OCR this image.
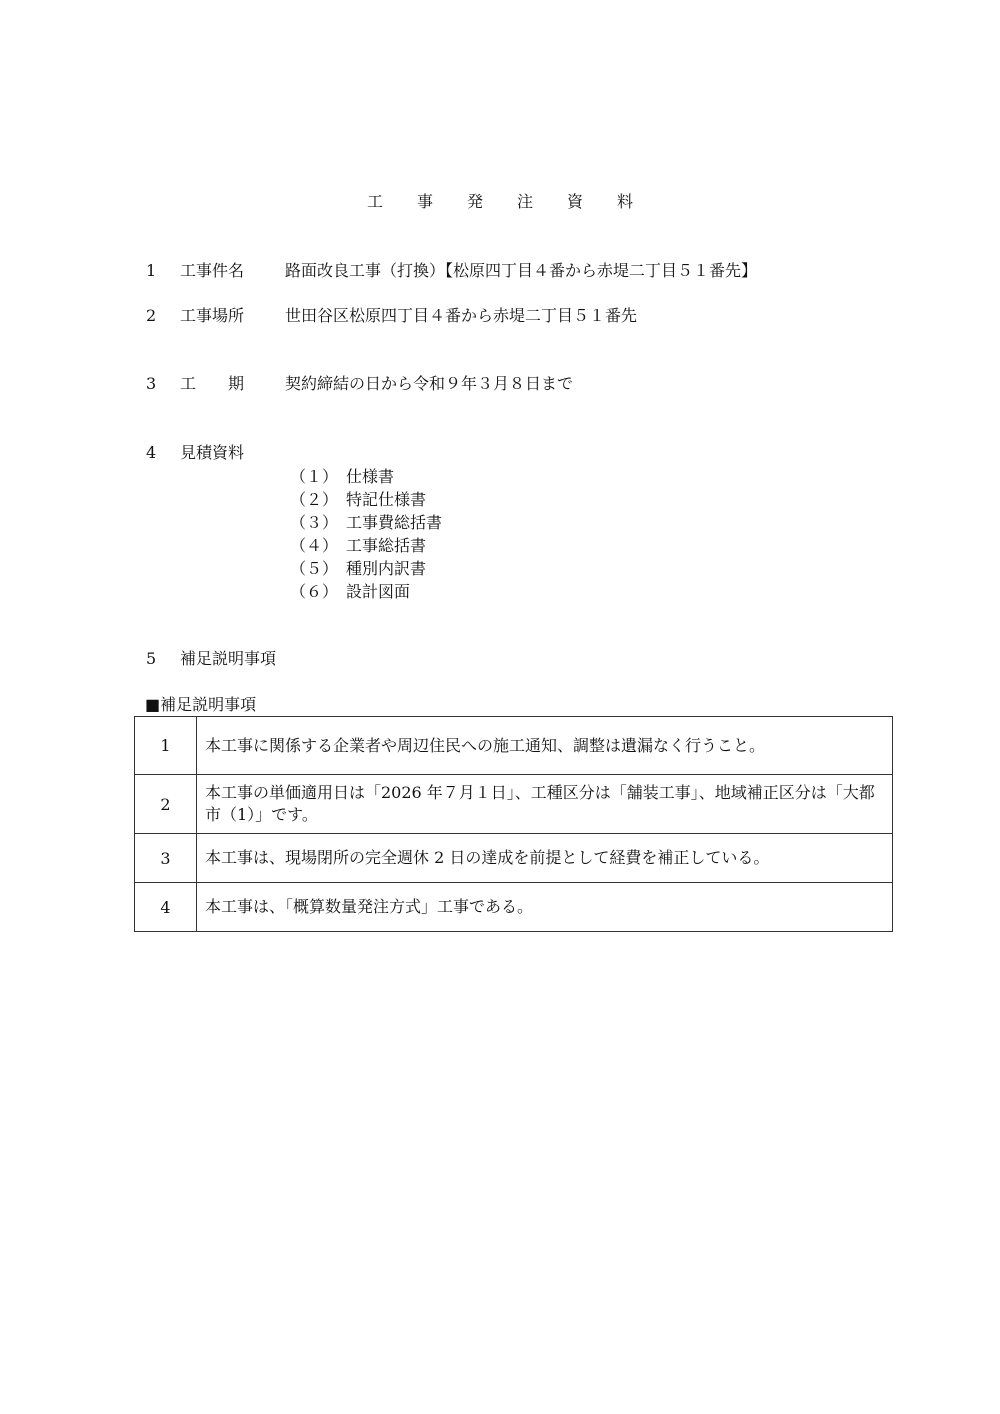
工事発注資料
1 工事件名	路面改良工事（打換）【松原四丁目４番から赤堤二丁目５１番先】
2 工事場所	世田谷区松原四丁目４番から赤堤二丁目５１番先
3 工　　期	契約締結の日から令和９年３月８日まで
4 見積資料
（１） 仕様書
（２） 特記仕様書
（３） 工事費総括書
（４） 工事総括書
（５） 種別内訳書
（６） 設計図面
5 補足説明事項
■補足説明事項
1	本工事に関係する企業者や周辺住民への施工通知、調整は遺漏なく行うこと。
2	本工事の単価適用日は「2026 年７月１日」、工種区分は「舗装工事」、地域補正区分は「大都市（1）」です。
3	本工事は、現場閉所の完全週休 2 日の達成を前提として経費を補正している。
4	本工事は、「概算数量発注方式」工事である。
